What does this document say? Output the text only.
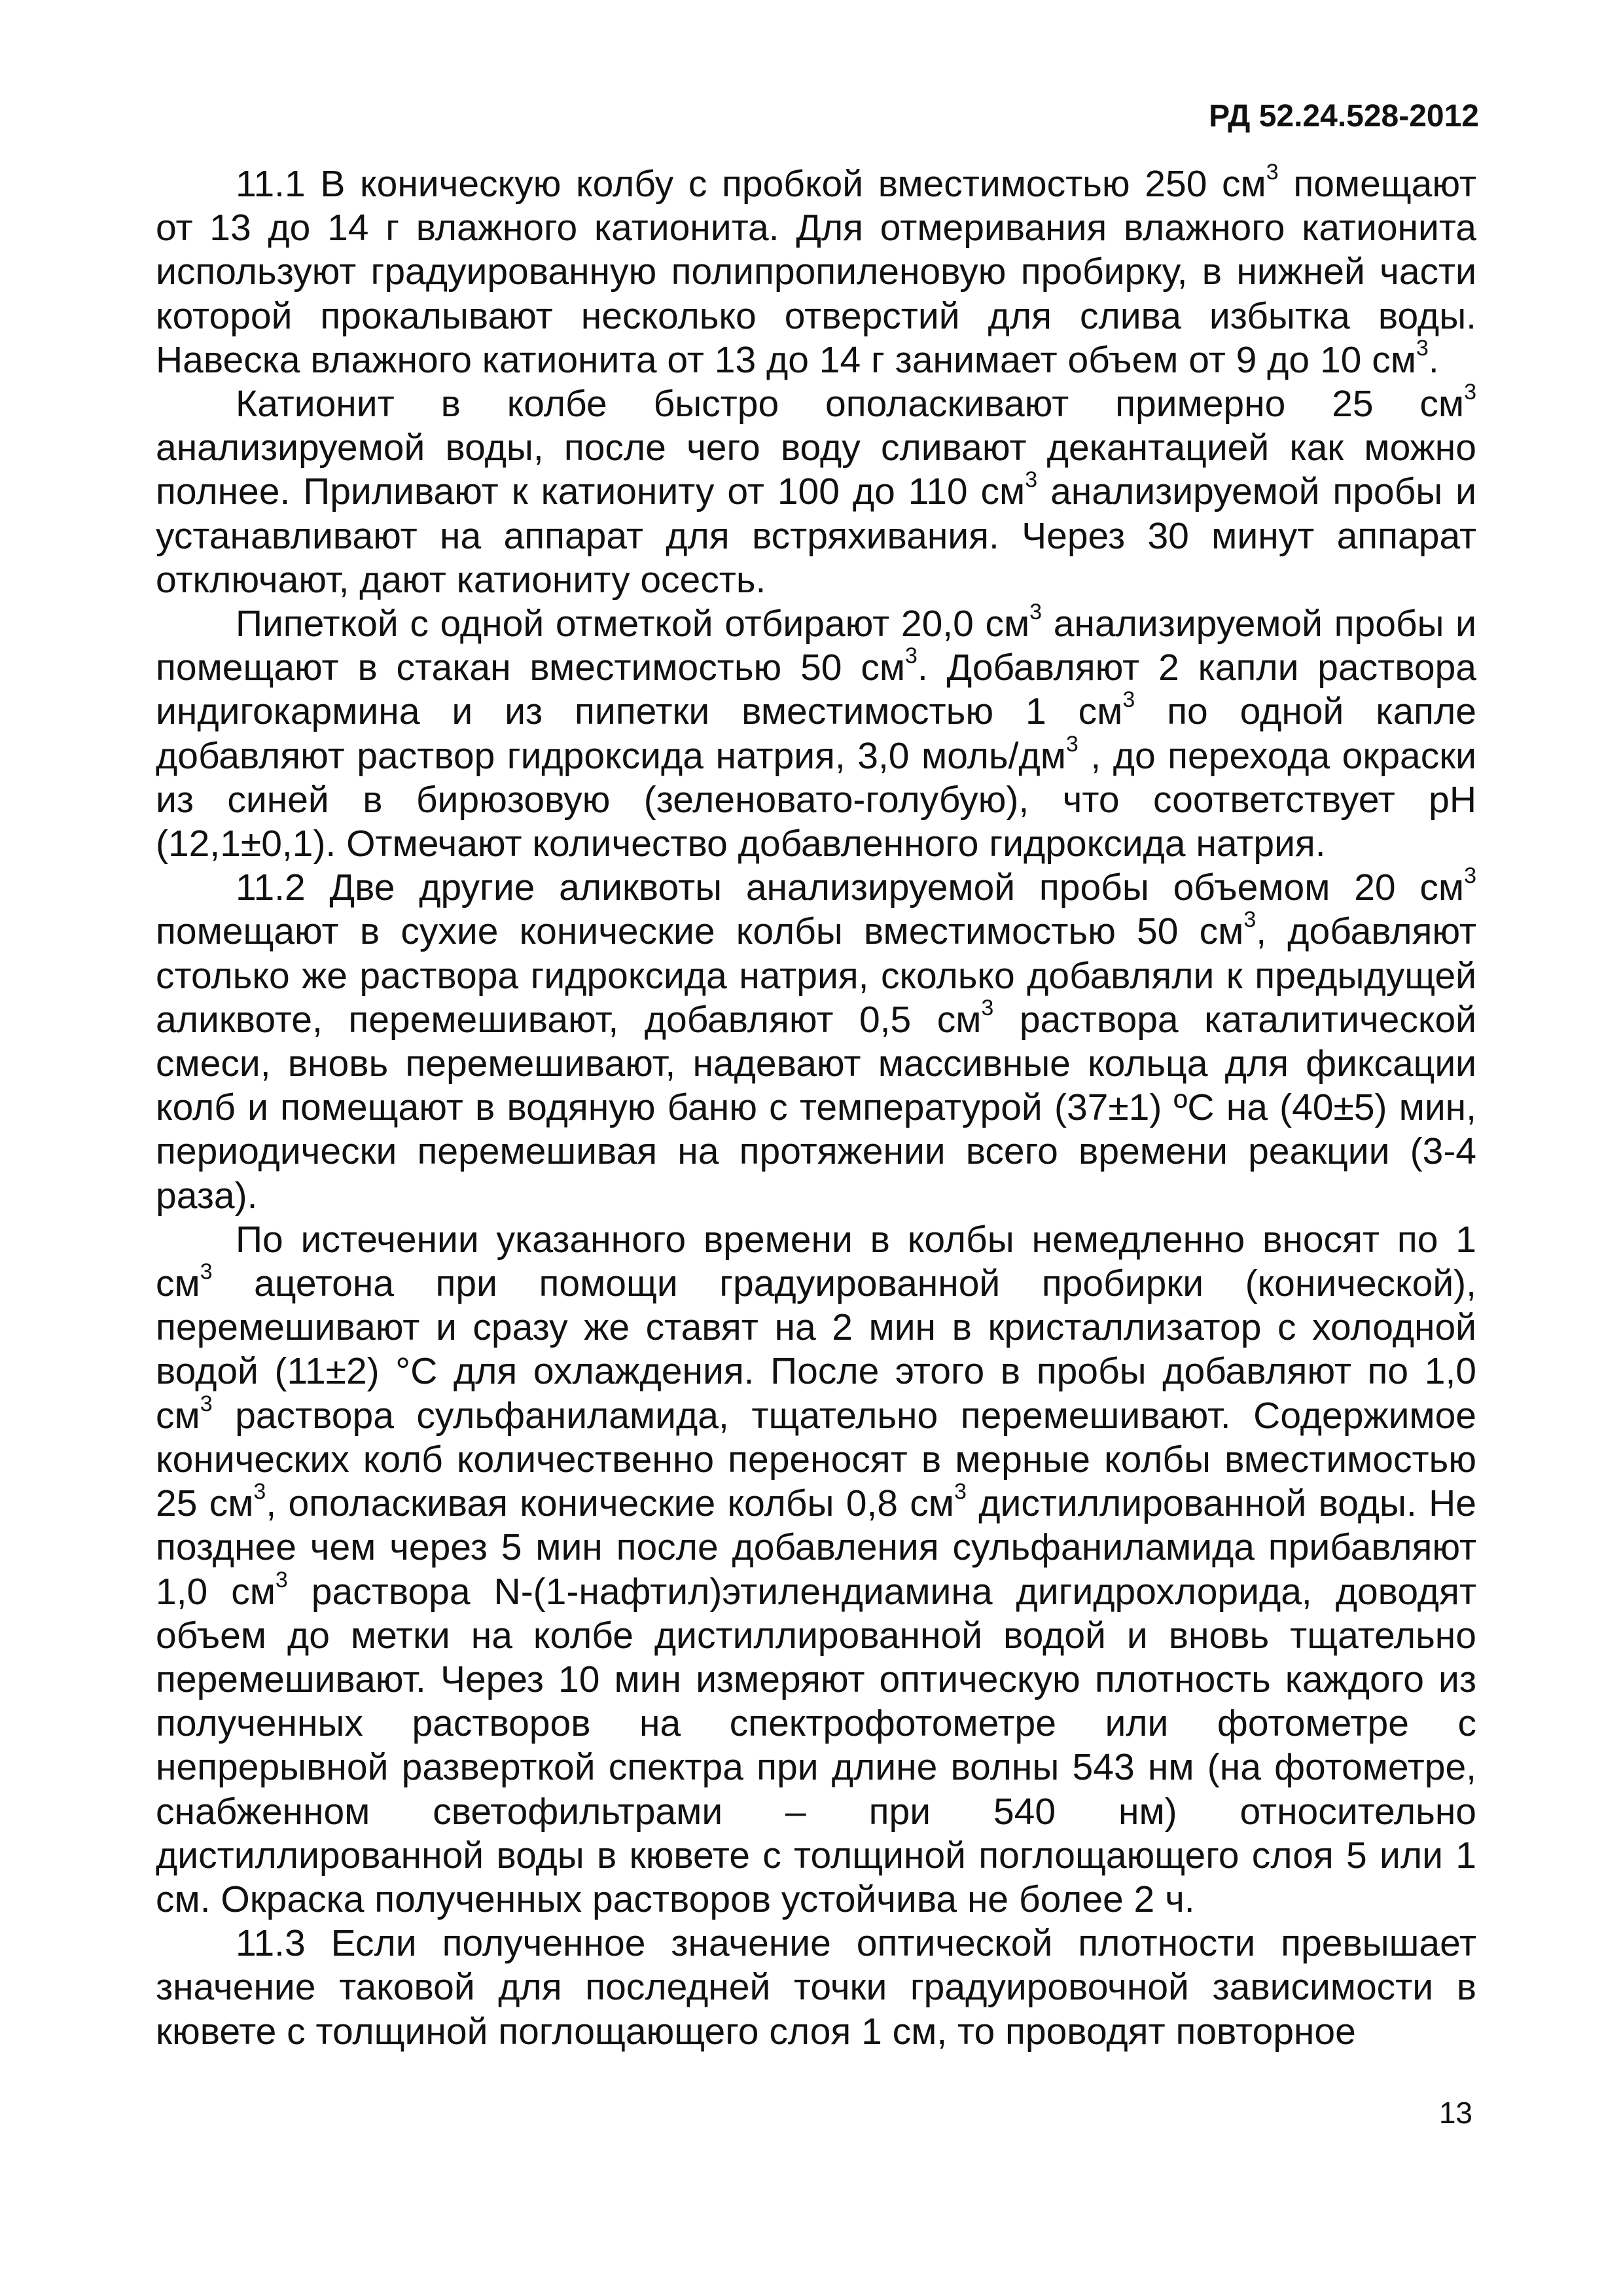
РД 52.24.528-2012

11.1 В коническую колбу с пробкой вместимостью 250 $см^3$ помещают от 13 до 14 г влажного катионита. Для отмеривания влажного катионита используют градуированную полипропиленовую пробирку, в нижней части которой прокалывают несколько отверстий для слива избытка воды. Навеска влажного катионита от 13 до 14 г занимает объем от 9 до 10 $см^3$.

Катионит в колбе быстро ополаскивают примерно 25 $см^3$ анализируемой воды, после чего воду сливают декантацией как можно полнее. Приливают к катиониту от 100 до 110 $см^3$ анализируемой пробы и устанавливают на аппарат для встряхивания. Через 30 минут аппарат отключают, дают катиониту осесть.

Пипеткой с одной отметкой отбирают 20,0 $см^3$ анализируемой пробы и помещают в стакан вместимостью 50 $см^3$. Добавляют 2 капли раствора индигокармина и из пипетки вместимостью 1 $см^3$ по одной капле добавляют раствор гидроксида натрия, 3,0 моль/$дм^3$ , до перехода окраски из синей в бирюзовую (зеленовато-голубую), что соответствует pH (12,1±0,1). Отмечают количество добавленного гидроксида натрия.

11.2 Две другие аликвоты анализируемой пробы объемом 20 $см^3$ помещают в сухие конические колбы вместимостью 50 $см^3$, добавляют столько же раствора гидроксида натрия, сколько добавляли к предыдущей аликвоте, перемешивают, добавляют 0,5 $см^3$ раствора каталитической смеси, вновь перемешивают, надевают массивные кольца для фиксации колб и помещают в водяную баню с температурой (37±1) ºС на (40±5) мин, периодически перемешивая на протяжении всего времени реакции (3-4 раза).

По истечении указанного времени в колбы немедленно вносят по 1 $см^3$ ацетона при помощи градуированной пробирки (конической), перемешивают и сразу же ставят на 2 мин в кристаллизатор с холодной водой (11±2) °С для охлаждения. После этого в пробы добавляют по 1,0 $см^3$ раствора сульфаниламида, тщательно перемешивают. Содержимое конических колб количественно переносят в мерные колбы вместимостью 25 $см^3$, ополаскивая конические колбы 0,8 $см^3$ дистиллированной воды. Не позднее чем через 5 мин после добавления сульфаниламида прибавляют 1,0 $см^3$ раствора N-(1-нафтил)этилендиамина дигидрохлорида, доводят объем до метки на колбе дистиллированной водой и вновь тщательно перемешивают. Через 10 мин измеряют оптическую плотность каждого из полученных растворов на спектрофотометре или фотометре с непрерывной разверткой спектра при длине волны 543 нм (на фотометре, снабженном светофильтрами – при 540 нм) относительно дистиллированной воды в кювете с толщиной поглощающего слоя 5 или 1 см. Окраска полученных растворов устойчива не более 2 ч.

11.3 Если полученное значение оптической плотности превышает значение таковой для последней точки градуировочной зависимости в кювете с толщиной поглощающего слоя 1 см, то проводят повторное

13
